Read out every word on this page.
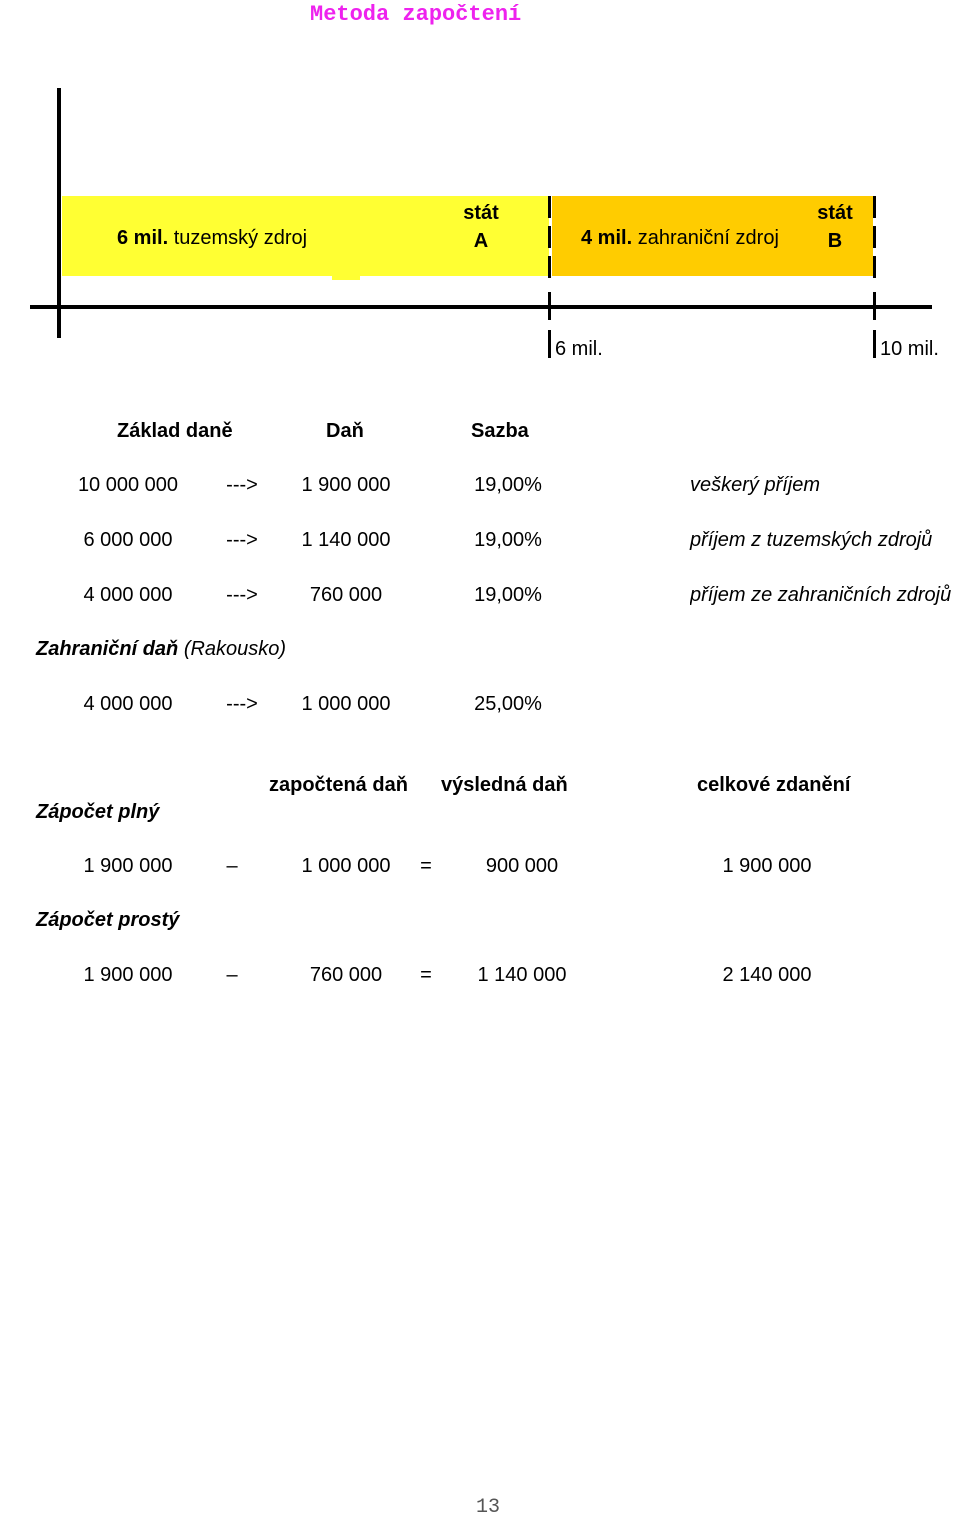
Metoda započtení
6 mil. tuzemský zdroj
stát
A	4 mil. zahraniční zdroj
stát
B
6 mil.	10 mil.
Základ daně	Daň	Sazba
10 000 000	--->	1 900 000	19,00%	veškerý příjem
6 000 000	--->	1 140 000	19,00%	příjem z tuzemských zdrojů
4 000 000	--->	760 000	19,00%	příjem ze zahraničních zdrojů
Zahraniční daň (Rakousko)
4 000 000	--->	1 000 000	25,00%
započtená daň výsledná daň	celkové zdanění
Zápočet plný
1 900 000	–	1 000 000	=	900 000	1 900 000
Zápočet prostý
1 900 000	–	760 000	=	1 140 000	2 140 000
13
